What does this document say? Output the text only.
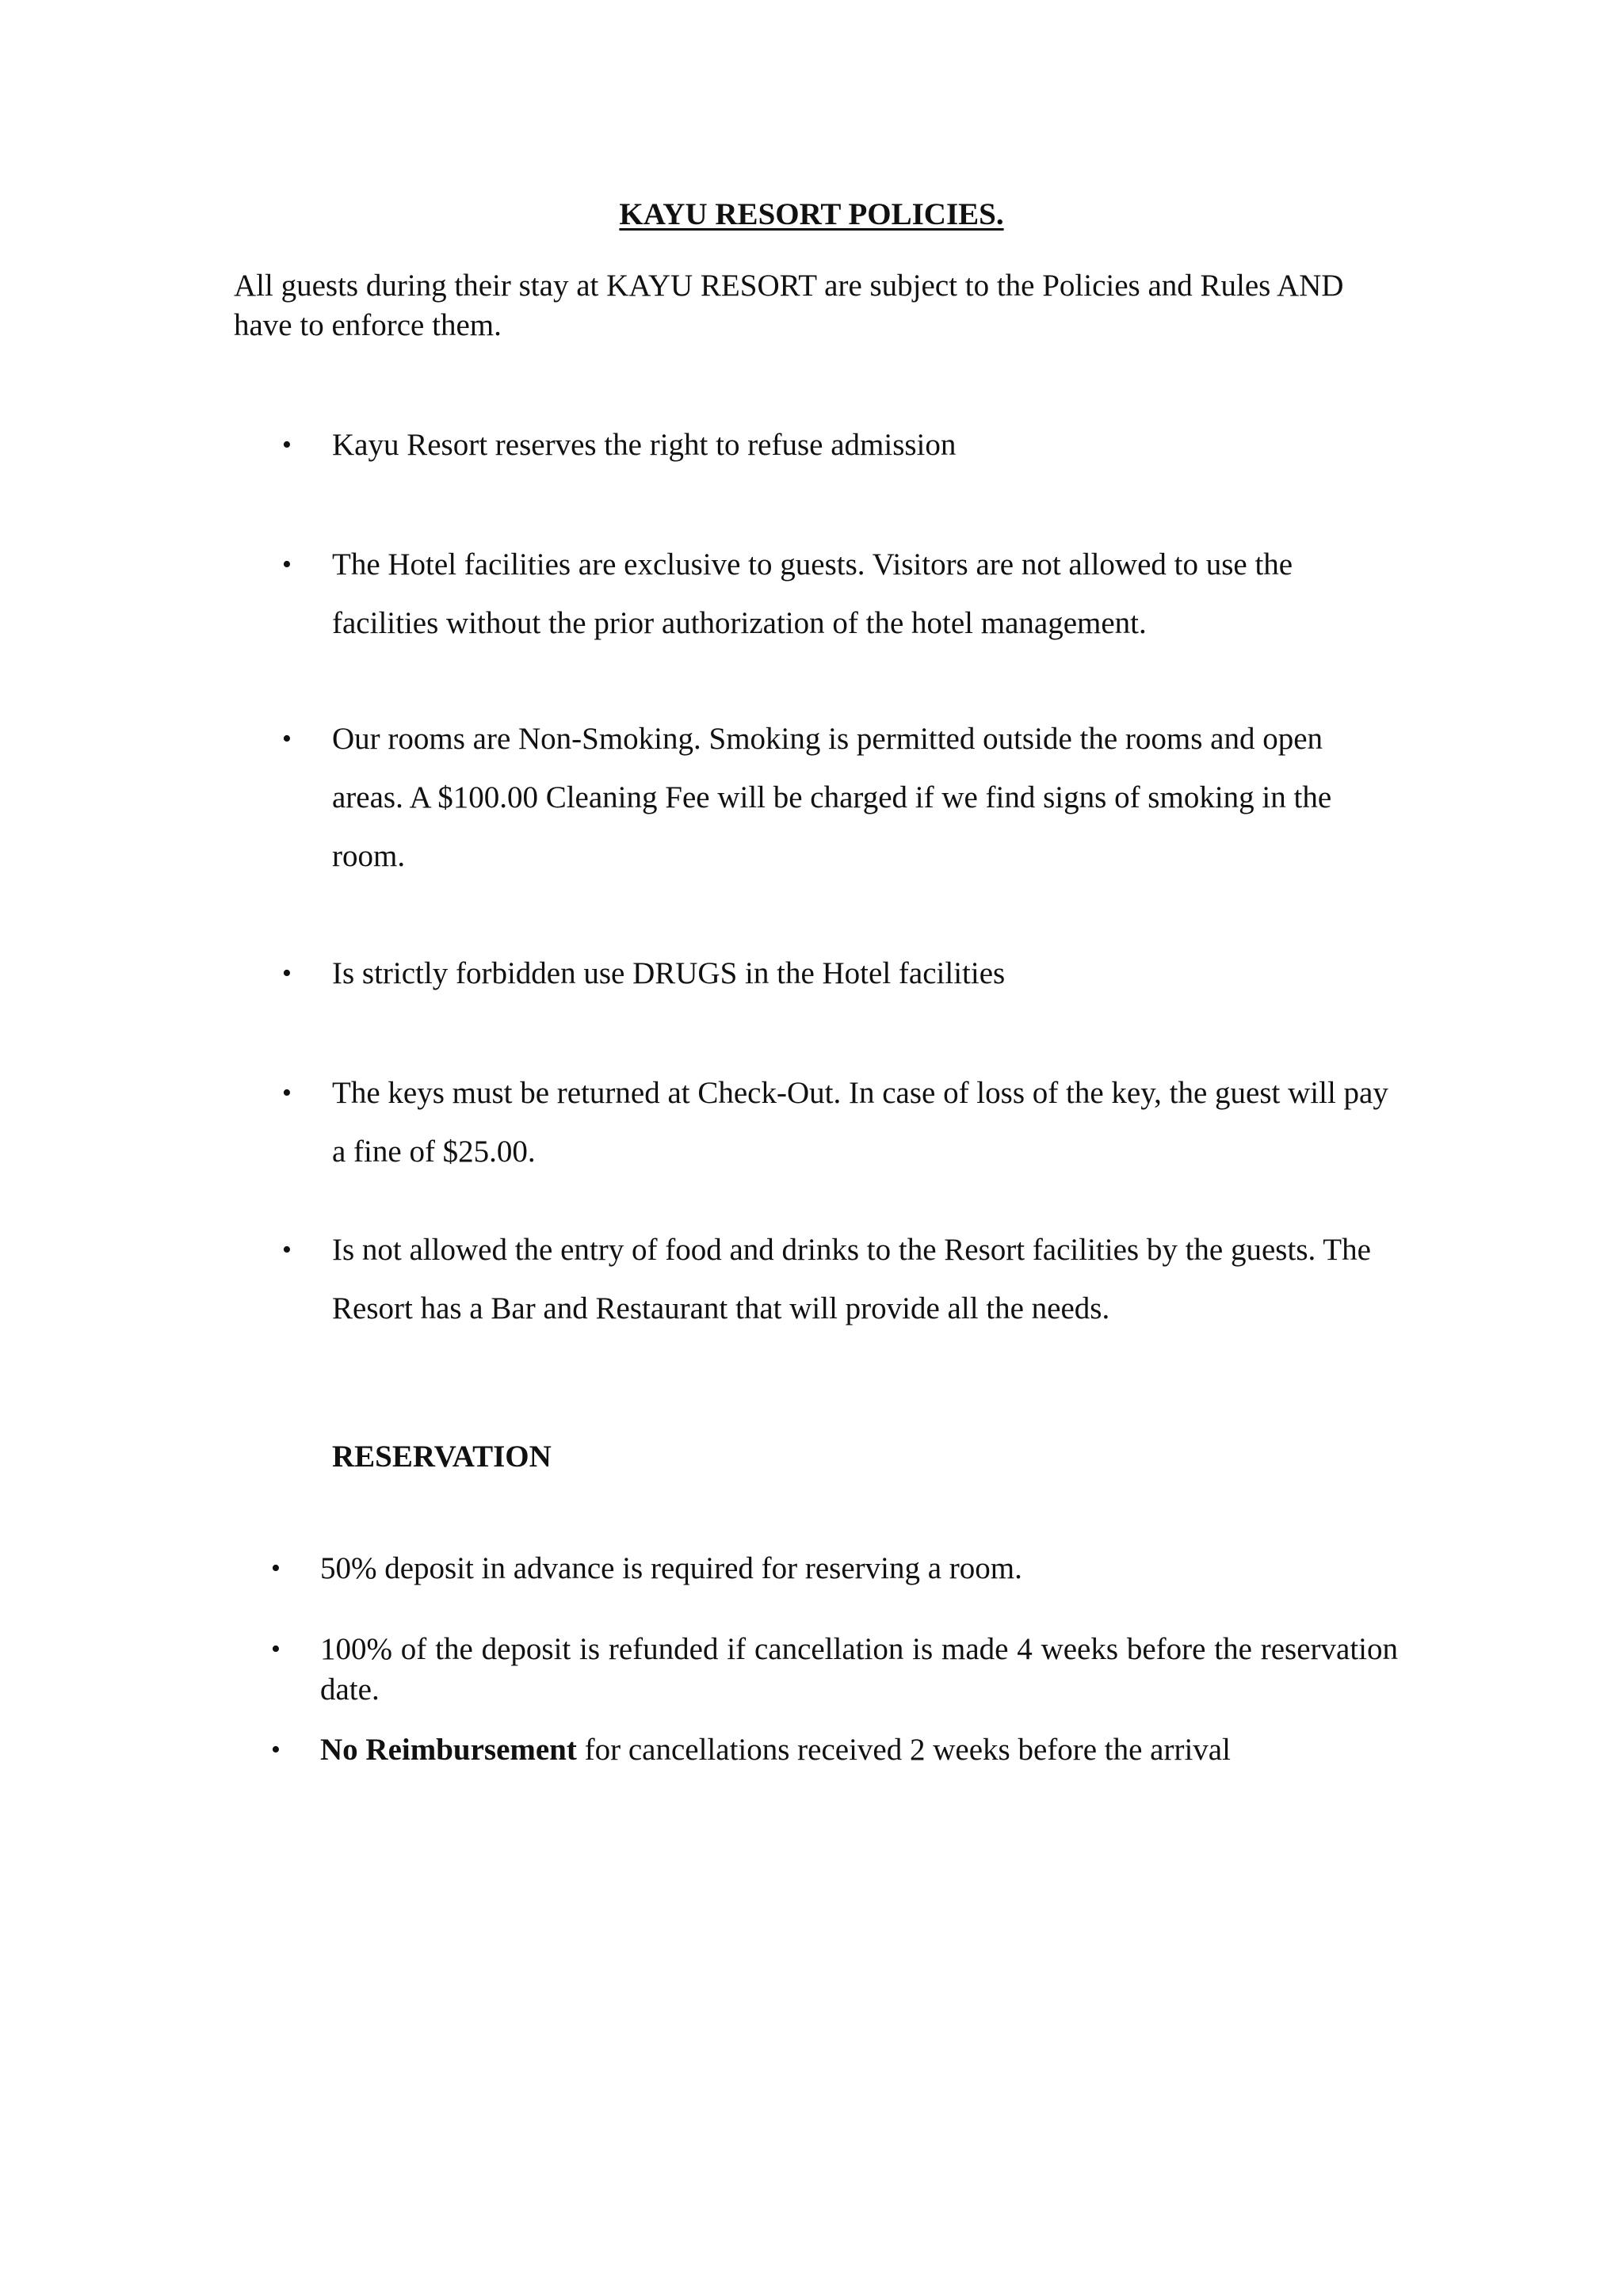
KAYU RESORT POLICIES.
All guests during their stay at KAYU RESORT are subject to the Policies and Rules AND have to enforce them.
• Kayu Resort reserves the right to refuse admission
• The Hotel facilities are exclusive to guests. Visitors are not allowed to use the facilities without the prior authorization of the hotel management.
• Our rooms are Non-Smoking. Smoking is permitted outside the rooms and open areas. A $100.00 Cleaning Fee will be charged if we find signs of smoking in the room.
• Is strictly forbidden use DRUGS in the Hotel facilities
• The keys must be returned at Check-Out. In case of loss of the key, the guest will pay a fine of $25.00.
• Is not allowed the entry of food and drinks to the Resort facilities by the guests. The Resort has a Bar and Restaurant that will provide all the needs.
RESERVATION
• 50% deposit in advance is required for reserving a room.
• 100% of the deposit is refunded if cancellation is made 4 weeks before the reservation date.
• No Reimbursement for cancellations received 2 weeks before the arrival
